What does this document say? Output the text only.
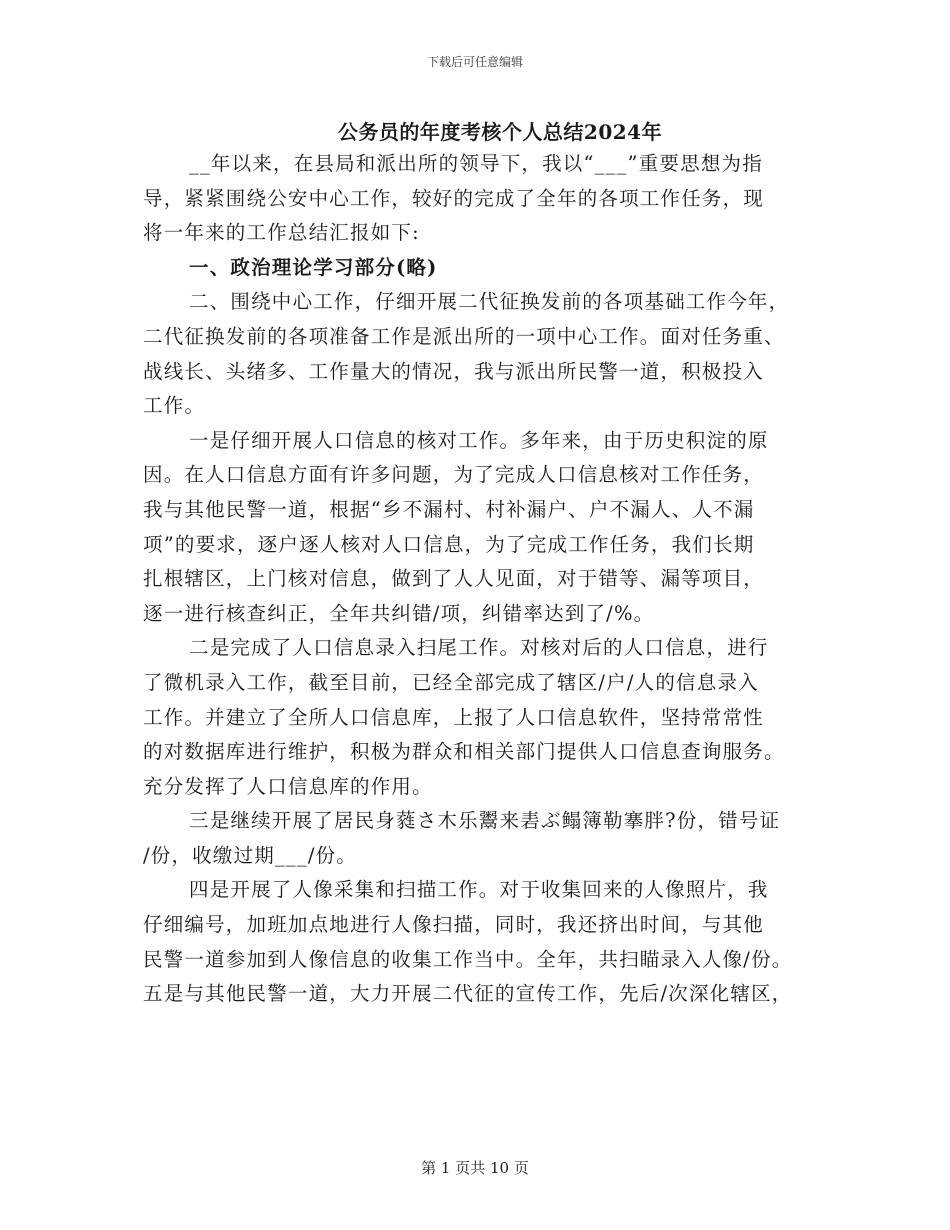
下载后可任意编辑
公务员的年度考核个人总结2024年
__年以来，在县局和派出所的领导下，我以“___”重要思想为指
导，紧紧围绕公安中心工作，较好的完成了全年的各项工作任务，现
将一年来的工作总结汇报如下:
一、政治理论学习部分(略)
二、围绕中心工作，仔细开展二代征换发前的各项基础工作今年，
二代征换发前的各项准备工作是派出所的一项中心工作。面对任务重、
战线长、头绪多、工作量大的情况，我与派出所民警一道，积极投入
工作。
一是仔细开展人口信息的核对工作。多年来，由于历史积淀的原
因。在人口信息方面有许多问题，为了完成人口信息核对工作任务，
我与其他民警一道，根据“乡不漏村、村补漏户、户不漏人、人不漏
项”的要求，逐户逐人核对人口信息，为了完成工作任务，我们长期
扎根辖区，上门核对信息，做到了人人见面，对于错等、漏等项目，
逐一进行核查纠正，全年共纠错/项，纠错率达到了/%。
二是完成了人口信息录入扫尾工作。对核对后的人口信息，进行
了微机录入工作，截至目前，已经全部完成了辖区/户/人的信息录入
工作。并建立了全所人口信息库，上报了人口信息软件，坚持常常性
的对数据库进行维护，积极为群众和相关部门提供人口信息查询服务。
充分发挥了人口信息库的作用。
三是继续开展了居民身蕤さ木乐鬻来砉ぶ鳎簿勒搴胖?份，错号证
/份，收缴过期___/份。
四是开展了人像采集和扫描工作。对于收集回来的人像照片，我
仔细编号，加班加点地进行人像扫描，同时，我还挤出时间，与其他
民警一道参加到人像信息的收集工作当中。全年，共扫瞄录入人像/份。
五是与其他民警一道，大力开展二代征的宣传工作，先后/次深化辖区，
第 1 页共 10 页
